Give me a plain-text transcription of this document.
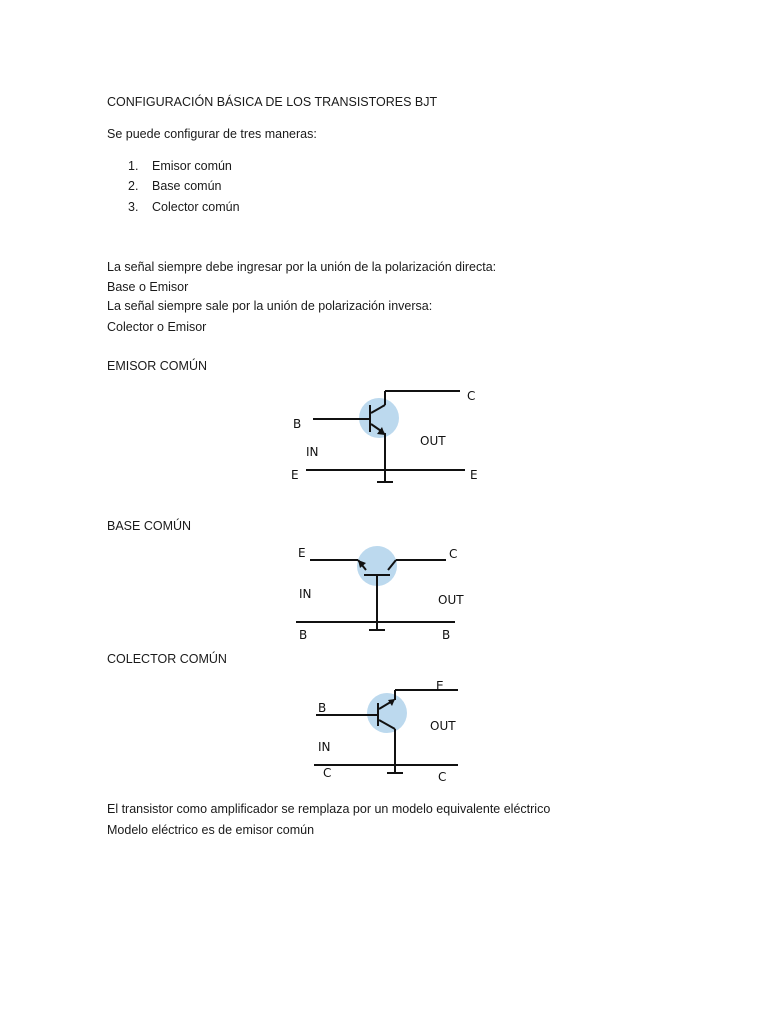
CONFIGURACIÓN BÁSICA DE LOS TRANSISTORES BJT
Se puede configurar de tres maneras:
1. Emisor común
2. Base común
3. Colector común
La señal siempre debe ingresar por la unión de la polarización directa:
Base o Emisor
La señal siempre sale por la unión de polarización inversa:
Colector o Emisor
EMISOR COMÚN
C
B
OUT
IN
E	E
BASE COMÚN
E	C
IN	OUT
B	B
COLECTOR COMÚN
E
B
OUT
IN
C	C
El transistor como amplificador se remplaza por un modelo equivalente eléctrico
Modelo eléctrico es de emisor común
